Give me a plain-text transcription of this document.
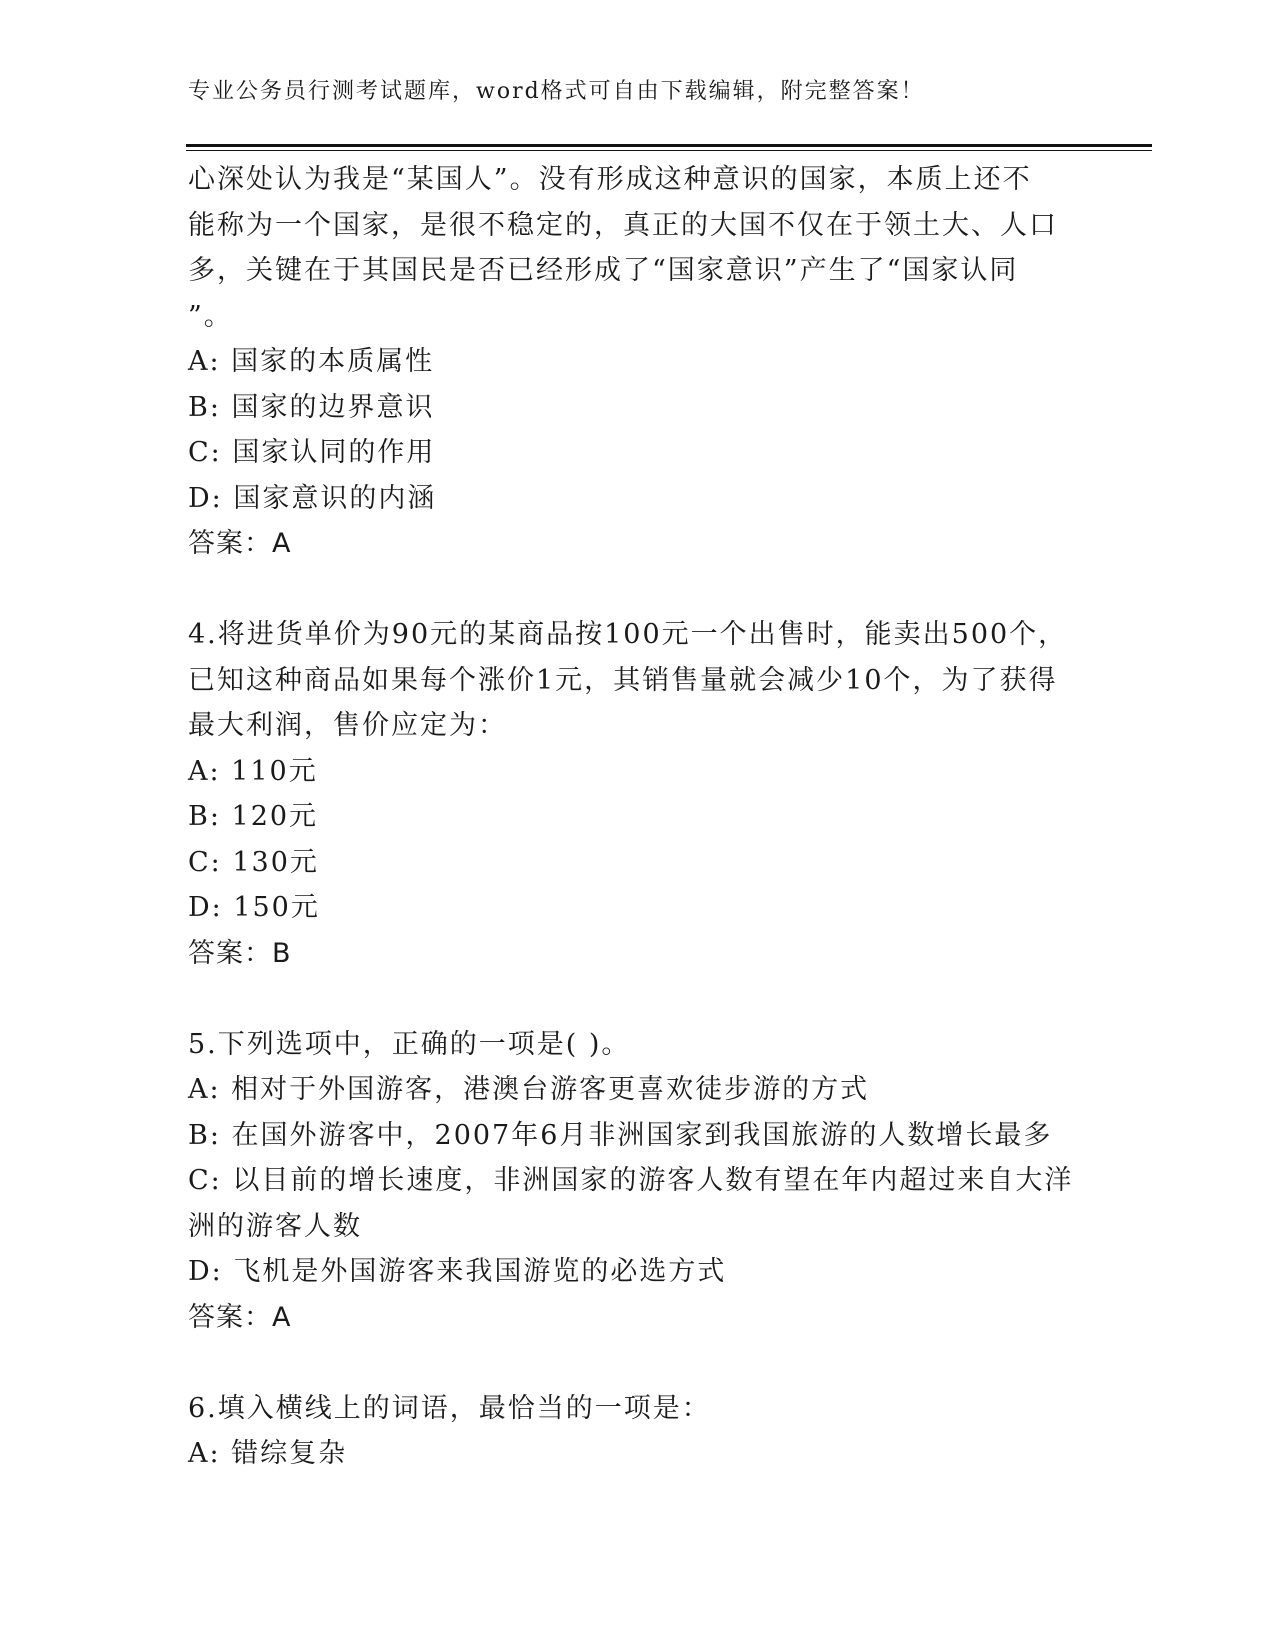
专业公务员行测考试题库，word格式可自由下载编辑，附完整答案！
心深处认为我是“某国人”。没有形成这种意识的国家，本质上还不
能称为一个国家，是很不稳定的，真正的大国不仅在于领土大、人口
多，关键在于其国民是否已经形成了“国家意识”产生了“国家认同
”。
A: 国家的本质属性
B: 国家的边界意识
C: 国家认同的作用
D: 国家意识的内涵
答案：A
4.将进货单价为90元的某商品按100元一个出售时，能卖出500个，
已知这种商品如果每个涨价1元，其销售量就会减少10个，为了获得
最大利润，售价应定为：
A: 110元
B: 120元
C: 130元
D: 150元
答案：B
5.下列选项中，正确的一项是( )。
A: 相对于外国游客，港澳台游客更喜欢徒步游的方式
B: 在国外游客中，2007年6月非洲国家到我国旅游的人数增长最多
C: 以目前的增长速度，非洲国家的游客人数有望在年内超过来自大洋
洲的游客人数
D: 飞机是外国游客来我国游览的必选方式
答案：A
6.填入横线上的词语，最恰当的一项是：
A: 错综复杂
